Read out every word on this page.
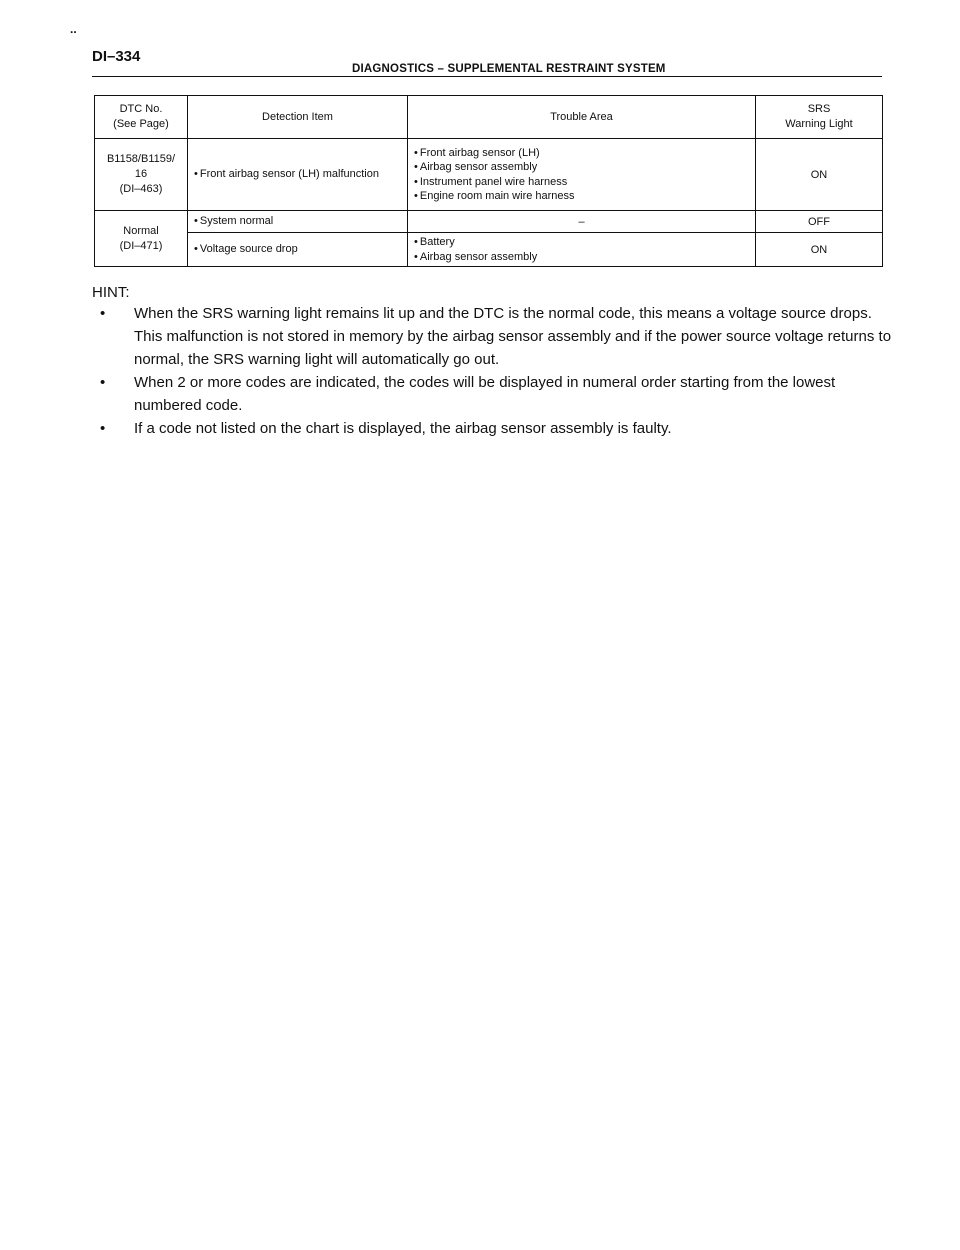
..
DI–334
DIAGNOSTICS – SUPPLEMENTAL RESTRAINT SYSTEM
DTC No.
(See Page)	Detection Item	Trouble Area	SRS
Warning Light
B1158/B1159/
16
(DI–463)	• Front airbag sensor (LH) malfunction	• Front airbag sensor (LH)
• Airbag sensor assembly
• Instrument panel wire harness
• Engine room main wire harness	ON
Normal
(DI–471)	• System normal	–	OFF

	• Voltage source drop	• Battery
• Airbag sensor assembly	ON
HINT:
• When the SRS warning light remains lit up and the DTC is the normal code, this means a voltage source drops.
This malfunction is not stored in memory by the airbag sensor assembly and if the power source voltage returns to normal, the SRS warning light will automatically go out.
• When 2 or more codes are indicated, the codes will be displayed in numeral order starting from the lowest numbered code.
• If a code not listed on the chart is displayed, the airbag sensor assembly is faulty.
